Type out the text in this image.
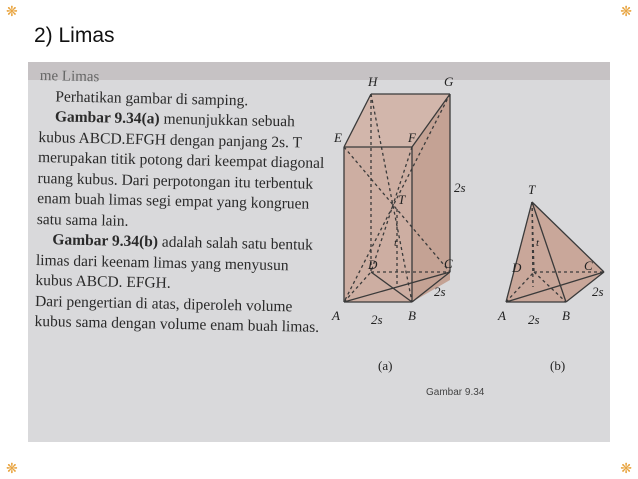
❋	❋
❋	❋
2) Limas

me Limas

Perhatikan gambar di samping.

Gambar 9.34(a) menunjukkan sebuah kubus ABCD.EFGH dengan panjang 2s. T merupakan titik potong dari keempat diagonal ruang kubus. Dari perpotongan itu terbentuk enam buah limas segi empat yang kongruen satu sama lain.

Gambar 9.34(b) adalah salah satu bentuk limas dari keenam limas yang menyusun kubus ABCD. EFGH.

Dari pengertian di atas, diperoleh volume kubus sama dengan volume enam buah limas.

H	G
E	F
T
t
D	C
A	B
2s
2s
2s
T
t
D	C
A	B
2s
2s
(a)	(b)
Gambar 9.34
